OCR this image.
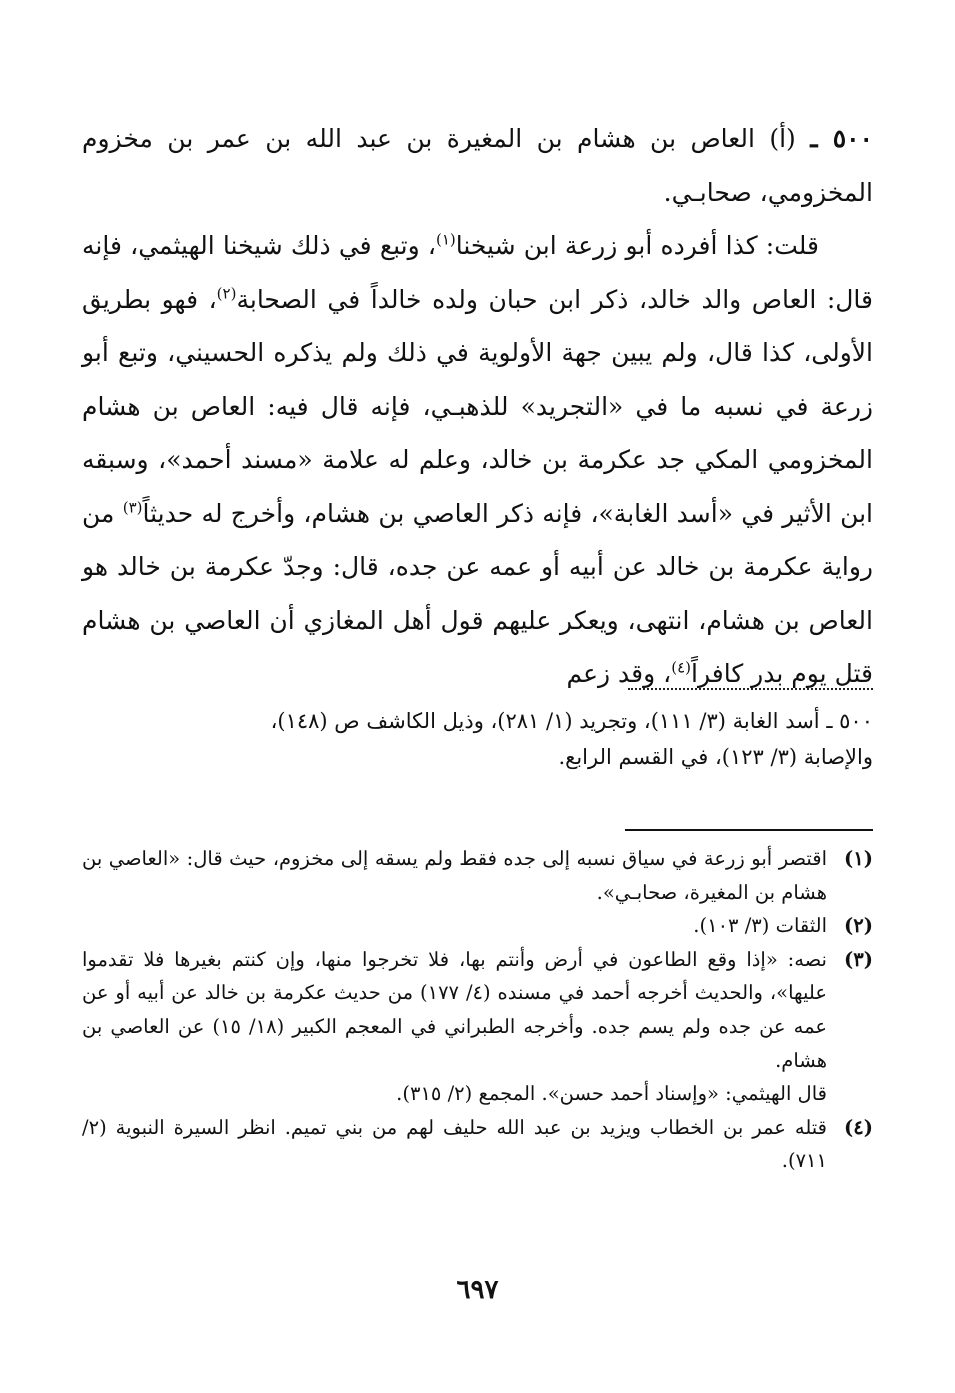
٥٠٠ ـ (أ) العاص بن هشام بن المغيرة بن عبد الله بن عمر بن مخزوم المخزومي، صحابـي.

قلت: كذا أفرده أبو زرعة ابن شيخنا$^{(١)}$، وتبع في ذلك شيخنا الهيثمي، فإنه قال: العاص والد خالد، ذكر ابن حبان ولده خالداً في الصحابة$^{(٢)}$، فهو بطريق الأولى، كذا قال، ولم يبين جهة الأولوية في ذلك ولم يذكره الحسيني، وتبع أبو زرعة في نسبه ما في «التجريد» للذهبـي، فإنه قال فيه: العاص بن هشام المخزومي المكي جد عكرمة بن خالد، وعلم له علامة «مسند أحمد»، وسبقه ابن الأثير في «أسد الغابة»، فإنه ذكر العاصي بن هشام، وأخرج له حديثاً$^{(٣)}$ من رواية عكرمة بن خالد عن أبيه أو عمه عن جده، قال: وجدّ عكرمة بن خالد هو العاص بن هشام، انتهى، ويعكر عليهم قول أهل المغازي أن العاصي بن هشام قتل يوم بدر كافراً$^{(٤)}$، وقد زعم

٥٠٠ ـ أسد الغابة (٣/ ١١١)، وتجريد (١/ ٢٨١)، وذيل الكاشف ص (١٤٨)،

والإصابة (٣/ ١٢٣)، في القسم الرابع.

(١)

اقتصر أبو زرعة في سياق نسبه إلى جده فقط ولم يسقه إلى مخزوم، حيث قال: «العاصي بن هشام بن المغيرة، صحابـي».

(٢)

الثقات (٣/ ١٠٣).

(٣)

نصه: «إذا وقع الطاعون في أرض وأنتم بها، فلا تخرجوا منها، وإن كنتم بغيرها فلا تقدموا عليها»، والحديث أخرجه أحمد في مسنده (٤/ ١٧٧) من حديث عكرمة بن خالد عن أبيه أو عن عمه عن جده ولم يسم جده. وأخرجه الطبراني في المعجم الكبير (١٨/ ١٥) عن العاصي بن هشام.

قال الهيثمي: «وإسناد أحمد حسن». المجمع (٢/ ٣١٥).

(٤)

قتله عمر بن الخطاب ويزيد بن عبد الله حليف لهم من بني تميم. انظر السيرة النبوية (٢/ ٧١١).

٦٩٧
